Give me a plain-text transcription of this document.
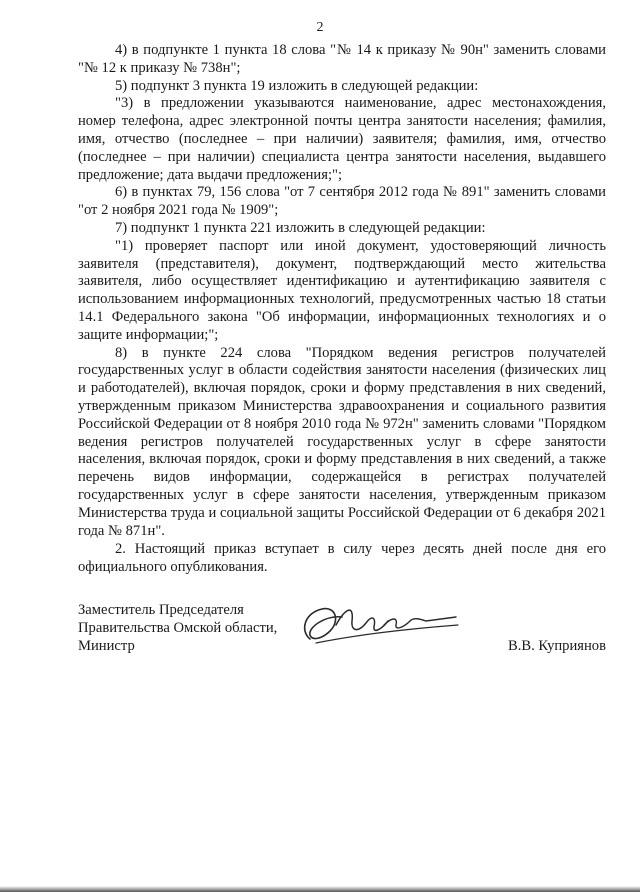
2

4) в подпункте 1 пункта 18 слова "№ 14 к приказу № 90н" заменить словами "№ 12 к приказу № 738н";

5) подпункт 3 пункта 19 изложить в следующей редакции:

"3) в предложении указываются наименование, адрес местонахождения, номер телефона, адрес электронной почты центра занятости населения; фамилия, имя, отчество (последнее – при наличии) заявителя; фамилия, имя, отчество (последнее – при наличии) специалиста центра занятости населения, выдавшего предложение; дата выдачи предложения;";

6) в пунктах 79, 156 слова "от 7 сентября 2012 года № 891" заменить словами "от 2 ноября 2021 года № 1909";

7) подпункт 1 пункта 221 изложить в следующей редакции:

"1) проверяет паспорт или иной документ, удостоверяющий личность заявителя (представителя), документ, подтверждающий место жительства заявителя, либо осуществляет идентификацию и аутентификацию заявителя с использованием информационных технологий, предусмотренных частью 18 статьи 14.1 Федерального закона "Об информации, информационных технологиях и о защите информации;";

8) в пункте 224 слова "Порядком ведения регистров получателей государственных услуг в области содействия занятости населения (физических лиц и работодателей), включая порядок, сроки и форму представления в них сведений, утвержденным приказом Министерства здравоохранения и социального развития Российской Федерации от 8 ноября 2010 года № 972н" заменить словами "Порядком ведения регистров получателей государственных услуг в сфере занятости населения, включая порядок, сроки и форму представления в них сведений, а также перечень видов информации, содержащейся в регистрах получателей государственных услуг в сфере занятости населения, утвержденным приказом Министерства труда и социальной защиты Российской Федерации от 6 декабря 2021 года № 871н".

2. Настоящий приказ вступает в силу через десять дней после дня его официального опубликования.

Заместитель Председателя
Правительства Омской области,
Министр	В.В. Куприянов
